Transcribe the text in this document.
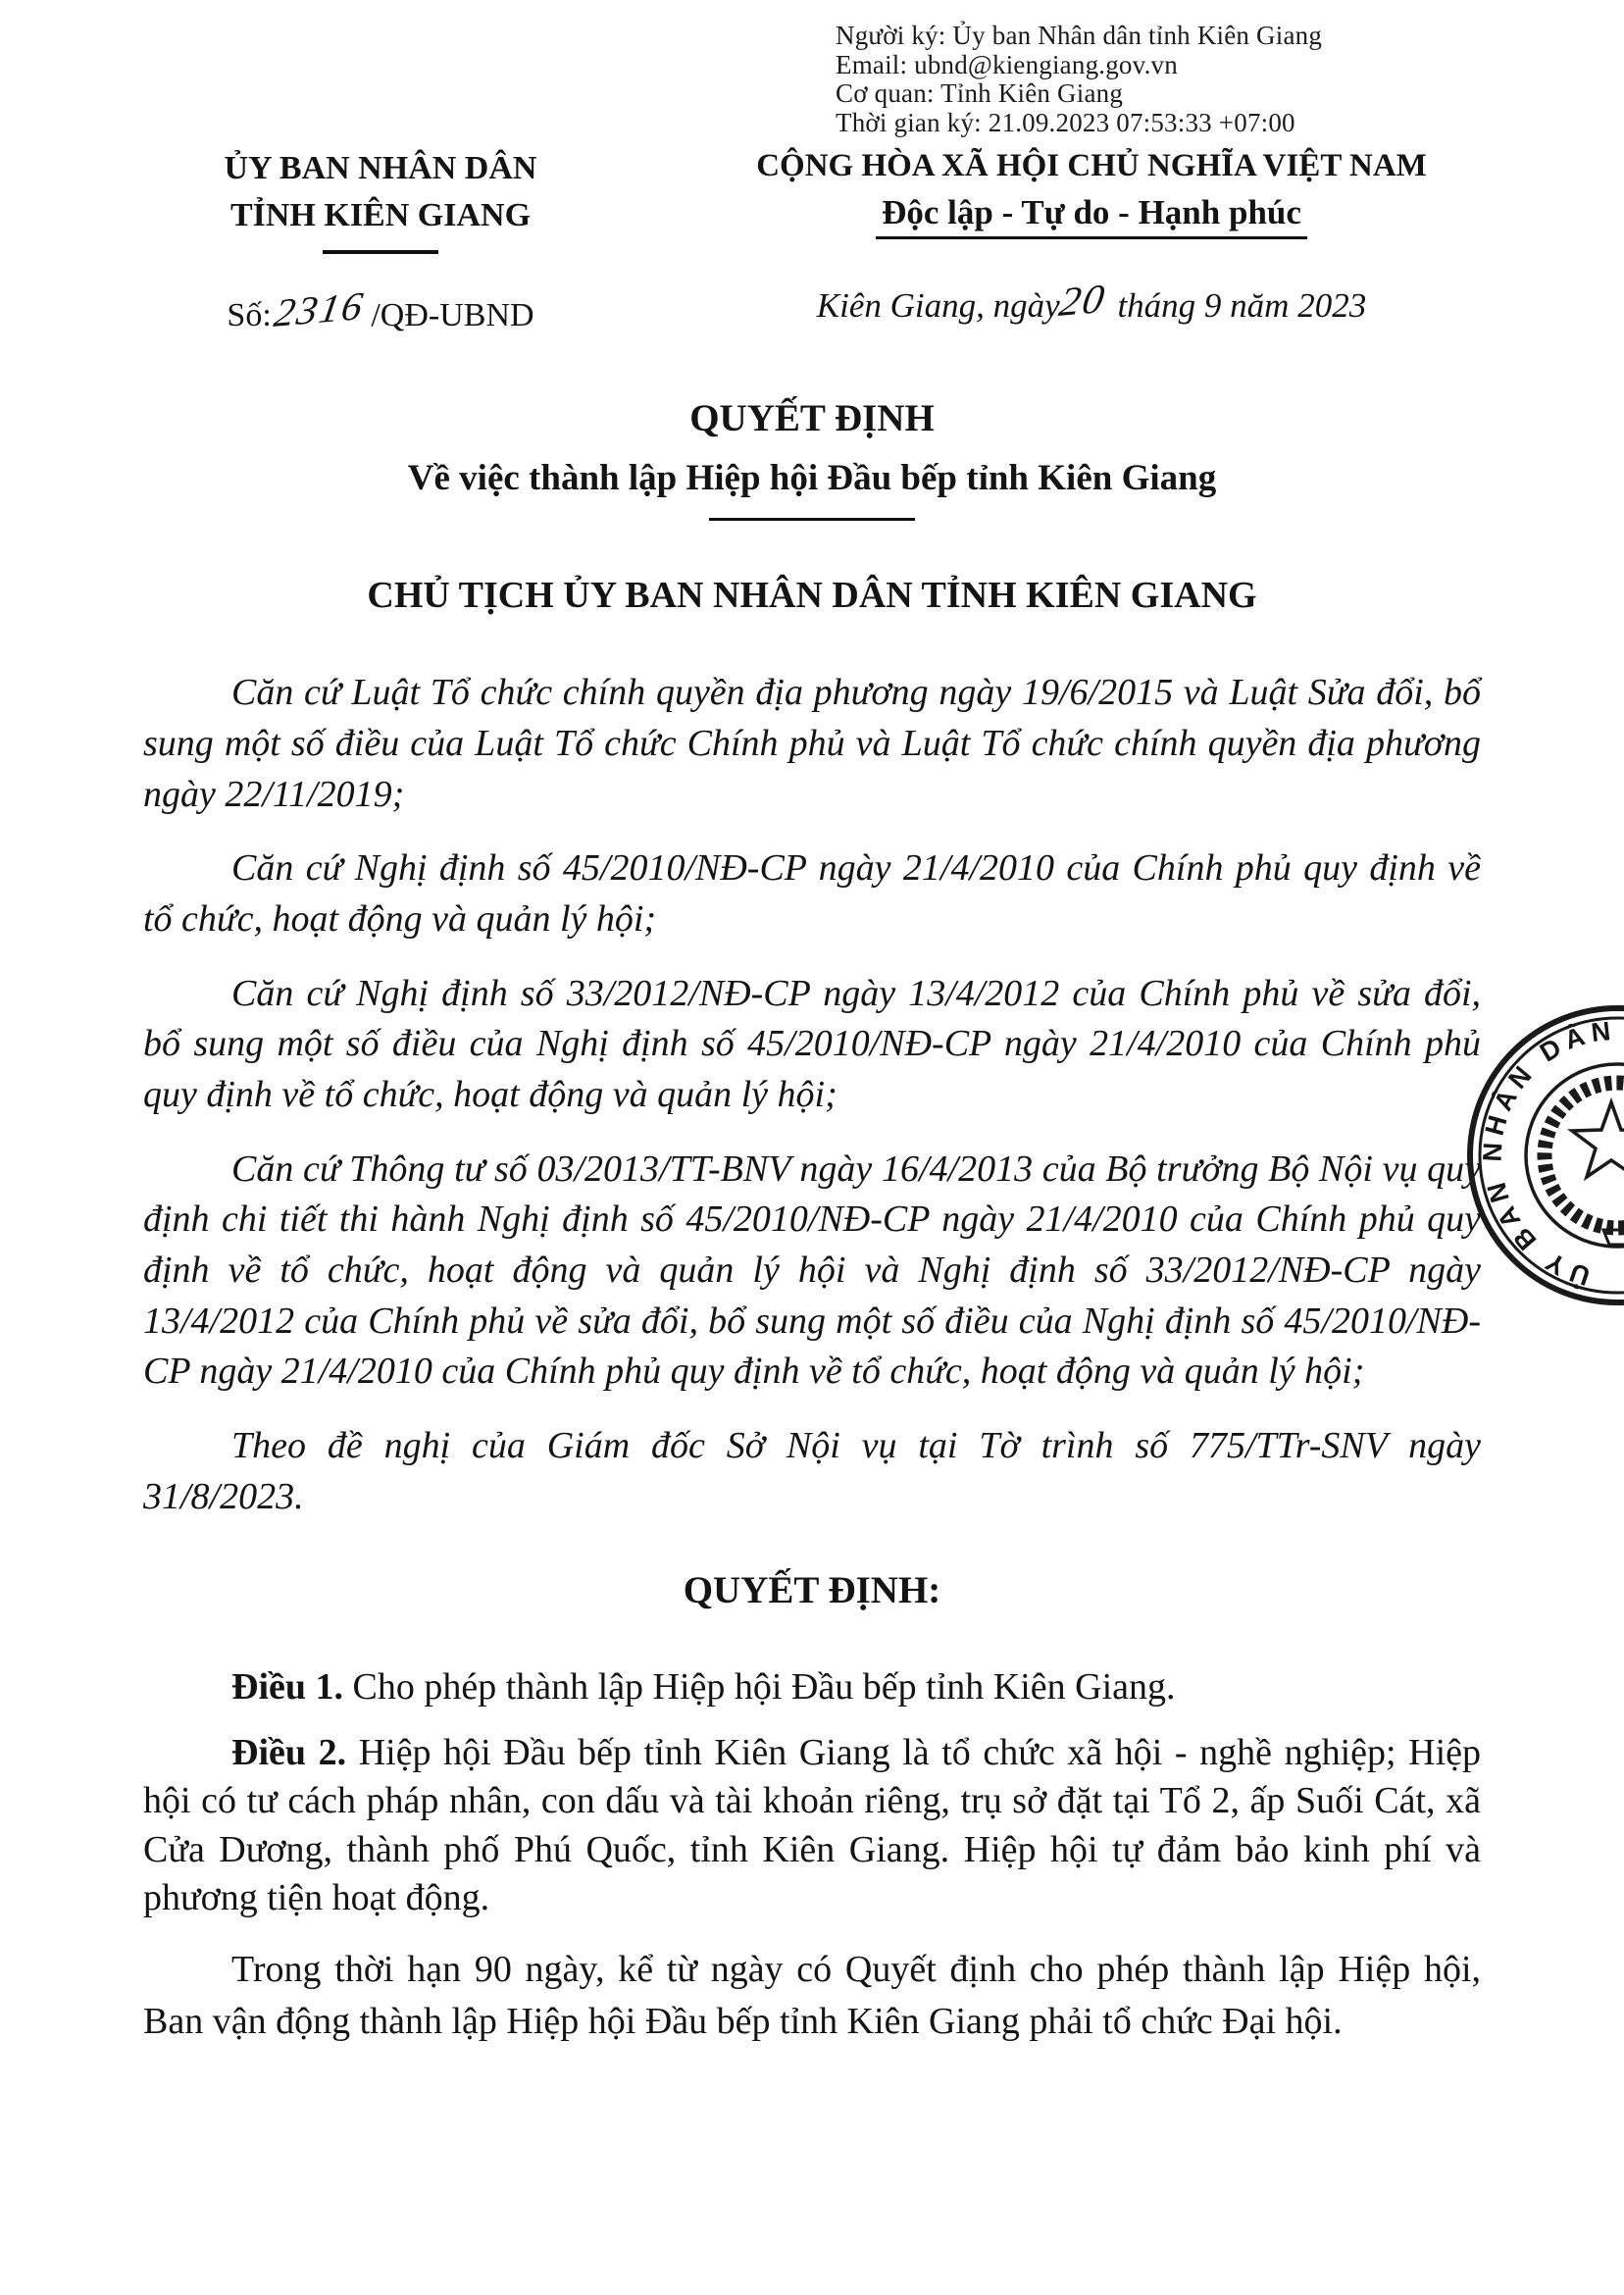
Người ký: Ủy ban Nhân dân tỉnh Kiên Giang
Email: ubnd@kiengiang.gov.vn
Cơ quan: Tỉnh Kiên Giang
Thời gian ký: 21.09.2023 07:53:33 +07:00
ỦY BAN NHÂN DÂN
TỈNH KIÊN GIANG
Số:2316 /QĐ-UBND
CỘNG HÒA XÃ HỘI CHỦ NGHĨA VIỆT NAM
Độc lập - Tự do - Hạnh phúc
Kiên Giang, ngày20 tháng 9 năm 2023
QUYẾT ĐỊNH
Về việc thành lập Hiệp hội Đầu bếp tỉnh Kiên Giang
CHỦ TỊCH ỦY BAN NHÂN DÂN TỈNH KIÊN GIANG

Căn cứ Luật Tổ chức chính quyền địa phương ngày 19/6/2015 và Luật Sửa đổi, bổ sung một số điều của Luật Tổ chức Chính phủ và Luật Tổ chức chính quyền địa phương ngày 22/11/2019;

Căn cứ Nghị định số 45/2010/NĐ-CP ngày 21/4/2010 của Chính phủ quy định về tổ chức, hoạt động và quản lý hội;

Căn cứ Nghị định số 33/2012/NĐ-CP ngày 13/4/2012 của Chính phủ về sửa đổi, bổ sung một số điều của Nghị định số 45/2010/NĐ-CP ngày 21/4/2010 của Chính phủ quy định về tổ chức, hoạt động và quản lý hội;

Căn cứ Thông tư số 03/2013/TT-BNV ngày 16/4/2013 của Bộ trưởng Bộ Nội vụ quy định chi tiết thi hành Nghị định số 45/2010/NĐ-CP ngày 21/4/2010 của Chính phủ quy định về tổ chức, hoạt động và quản lý hội và Nghị định số 33/2012/NĐ-CP ngày 13/4/2012 của Chính phủ về sửa đổi, bổ sung một số điều của Nghị định số 45/2010/NĐ-CP ngày 21/4/2010 của Chính phủ quy định về tổ chức, hoạt động và quản lý hội;

Theo đề nghị của Giám đốc Sở Nội vụ tại Tờ trình số 775/TTr-SNV ngày 31/8/2023.

QUYẾT ĐỊNH:

Điều 1. Cho phép thành lập Hiệp hội Đầu bếp tỉnh Kiên Giang.

Điều 2. Hiệp hội Đầu bếp tỉnh Kiên Giang là tổ chức xã hội - nghề nghiệp; Hiệp hội có tư cách pháp nhân, con dấu và tài khoản riêng, trụ sở đặt tại Tổ 2, ấp Suối Cát, xã Cửa Dương, thành phố Phú Quốc, tỉnh Kiên Giang. Hiệp hội tự đảm bảo kinh phí và phương tiện hoạt động.

Trong thời hạn 90 ngày, kể từ ngày có Quyết định cho phép thành lập Hiệp hội, Ban vận động thành lập Hiệp hội Đầu bếp tỉnh Kiên Giang phải tổ chức Đại hội.

ỦY BAN NHÂN DÂN
